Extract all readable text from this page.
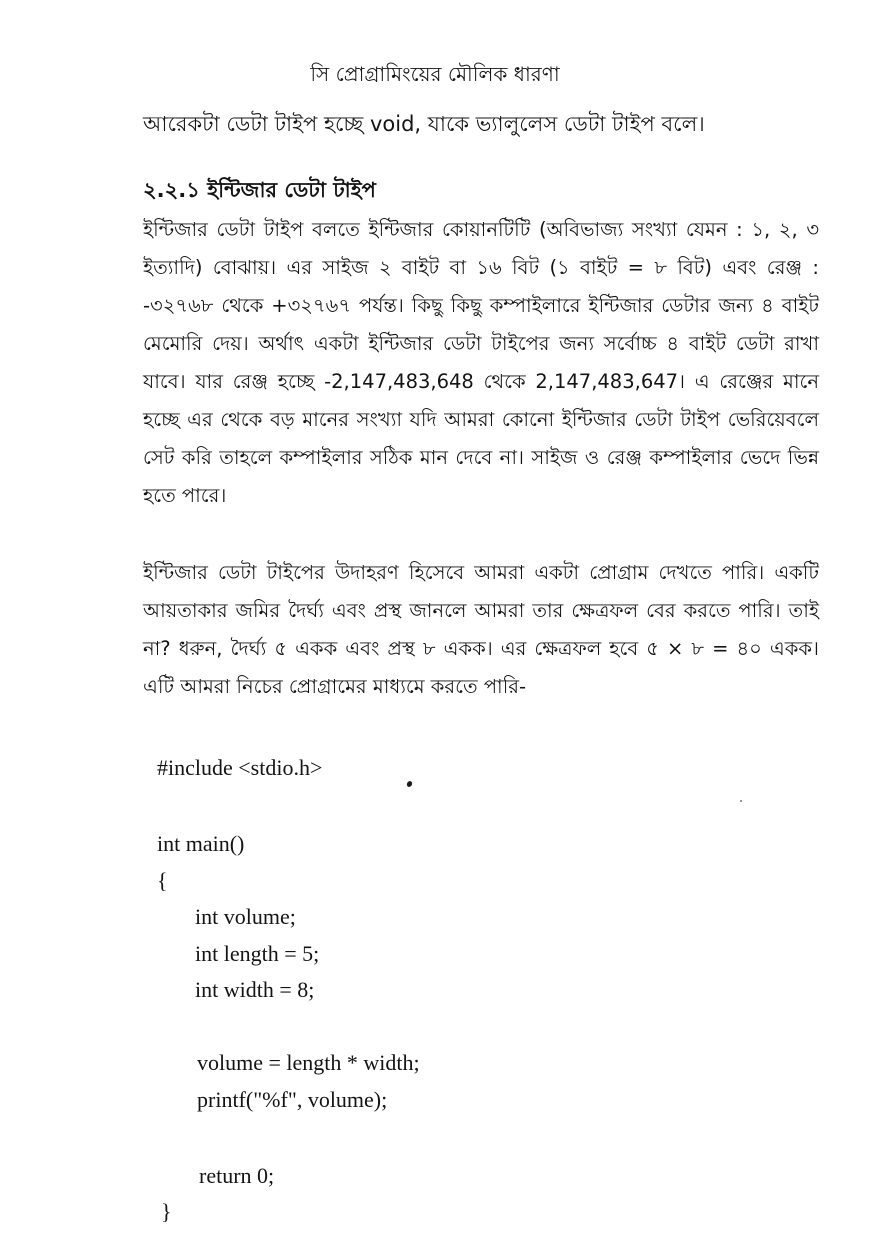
সি প্রোগ্রামিংয়ের মৌলিক ধারণা
আরেকটা ডেটা টাইপ হচ্ছে void, যাকে ভ্যালুলেস ডেটা টাইপ বলে।
২.২.১ ইন্টিজার ডেটা টাইপ
ইন্টিজার ডেটা টাইপ বলতে ইন্টিজার কোয়ানটিটি (অবিভাজ্য সংখ্যা যেমন : ১, ২, ৩ ইত্যাদি) বোঝায়। এর সাইজ ২ বাইট বা ১৬ বিট (১ বাইট = ৮ বিট) এবং রেঞ্জ : -৩২৭৬৮ থেকে +৩২৭৬৭ পর্যন্ত। কিছু কিছু কম্পাইলারে ইন্টিজার ডেটার জন্য ৪ বাইট মেমোরি দেয়। অর্থাৎ একটা ইন্টিজার ডেটা টাইপের জন্য সর্বোচ্চ ৪ বাইট ডেটা রাখা যাবে। যার রেঞ্জ হচ্ছে -2,147,483,648 থেকে 2,147,483,647। এ রেঞ্জের মানে হচ্ছে এর থেকে বড় মানের সংখ্যা যদি আমরা কোনো ইন্টিজার ডেটা টাইপ ভেরিয়েবলে সেট করি তাহলে কম্পাইলার সঠিক মান দেবে না। সাইজ ও রেঞ্জ কম্পাইলার ভেদে ভিন্ন হতে পারে।
ইন্টিজার ডেটা টাইপের উদাহরণ হিসেবে আমরা একটা প্রোগ্রাম দেখতে পারি। একটি আয়তাকার জমির দৈর্ঘ্য এবং প্রস্থ জানলে আমরা তার ক্ষেত্রফল বের করতে পারি। তাই না? ধরুন, দৈর্ঘ্য ৫ একক এবং প্রস্থ ৮ একক। এর ক্ষেত্রফল হবে ৫ × ৮ = ৪০ একক। এটি আমরা নিচের প্রোগ্রামের মাধ্যমে করতে পারি-
#include <stdio.h>
int main()
{
int volume;
int length = 5;
int width = 8;
volume = length * width;
printf("%f", volume);
return 0;
}
